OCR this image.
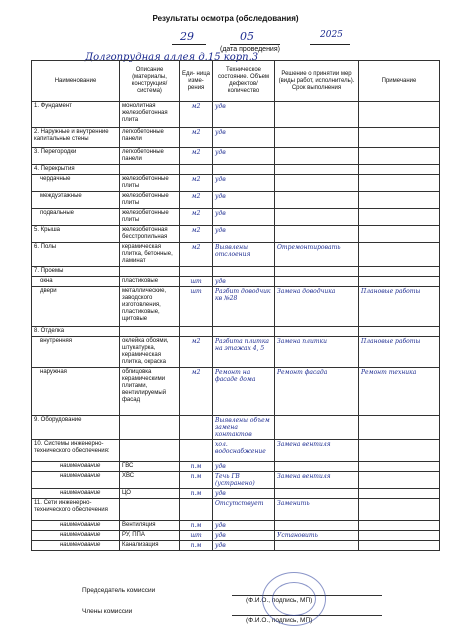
Результаты осмотра (обследования)
29	05	2025
(дата проведения)
Долгопрудная аллея д.15 корп.3
Наименование	Описание (материалы, конструкция/ система)	Еди- ница изме- рения	Техническое состояние. Объем дефектов/ количество	Решение о принятии мер (виды работ, исполнитель). Срок выполнения	Примечание
1. Фундамент	монолитная железобетонная плита	м2	удв		
2. Наружные и внутренние капитальные стены	легкобетонные панели	м2	удв		
3. Перегородки	легкобетонные панели	м2	удв		
4. Перекрытия					
чердачные	железобетонные плиты	м2	удв		
междуэтажные	железобетонные плиты	м2	удв		
подвальные	железобетонные плиты	м2	удв		
5. Крыша	железобетонная бесстропильная	м2	удв		
6. Полы	керамическая плитка, бетонные, ламинат	м2	Выявлены отслоения	Отремонтировать	
7. Проемы					
окна	пластиковые	шт	удв		
двери	металлические, заводского изготовления, пластиковые, щитовые	шт	Разбит доводчик кв №28	Замена доводчика	Плановые работы
8. Отделка					
внутренняя	оклейка обоями, штукатурка, керамическая плитка, окраска	м2	Разбита плитка на этажах 4, 5	Замена плитки	Плановые работы
наружная	облицовка керамическими плитами, вентилируемый фасад	м2	Ремонт на фасаде дома	Ремонт фасада	Ремонт техника
9. Оборудование			Выявлены объем замена контактов		
10. Системы инженерно-технического обеспечения:			хол. водоснабжение	Замена вентиля	
наименование	ГВС	п.м	удв		
наименование	ХВС	п.м	Течь ГВ (устранено)	Замена вентиля	
наименование	ЦО	п.м	удв		
11. Сети инженерно-технического обеспечения			Отсутствует	Заменить	
наименование	Вентиляция	п.м	удв		
наименование	РУ, ППА	шт	удв	Установить	
наименование	Канализация	п.м	удв		
Председатель комиссии
(Ф.И.О., подпись, МП)
Члены комиссии
(Ф.И.О., подпись, МП)
